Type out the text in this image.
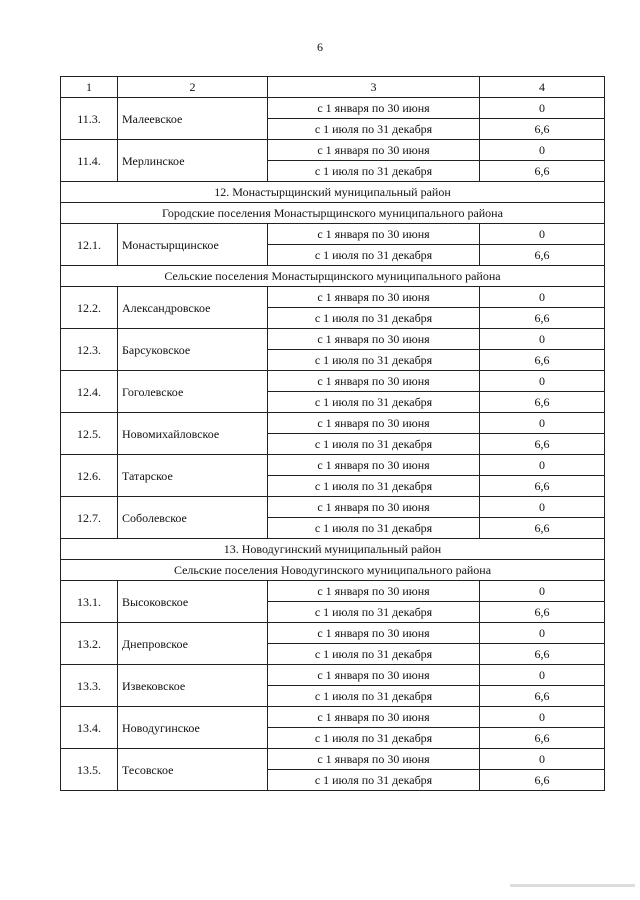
6
1	2	3	4
11.3.	Малеевское	с 1 января по 30 июня	0
		с 1 июля по 31 декабря	6,6
11.4.	Мерлинское	с 1 января по 30 июня	0
		с 1 июля по 31 декабря	6,6
12. Монастырщинский муниципальный район			
Городские поселения Монастырщинского муниципального района			
12.1.	Монастырщинское	с 1 января по 30 июня	0
		с 1 июля по 31 декабря	6,6
Сельские поселения Монастырщинского муниципального района			
12.2.	Александровское	с 1 января по 30 июня	0
		с 1 июля по 31 декабря	6,6
12.3.	Барсуковское	с 1 января по 30 июня	0
		с 1 июля по 31 декабря	6,6
12.4.	Гоголевское	с 1 января по 30 июня	0
		с 1 июля по 31 декабря	6,6
12.5.	Новомихайловское	с 1 января по 30 июня	0
		с 1 июля по 31 декабря	6,6
12.6.	Татарское	с 1 января по 30 июня	0
		с 1 июля по 31 декабря	6,6
12.7.	Соболевское	с 1 января по 30 июня	0
		с 1 июля по 31 декабря	6,6
13. Новодугинский муниципальный район			
Сельские поселения Новодугинского муниципального района			
13.1.	Высоковское	с 1 января по 30 июня	0
		с 1 июля по 31 декабря	6,6
13.2.	Днепровское	с 1 января по 30 июня	0
		с 1 июля по 31 декабря	6,6
13.3.	Извековское	с 1 января по 30 июня	0
		с 1 июля по 31 декабря	6,6
13.4.	Новодугинское	с 1 января по 30 июня	0
		с 1 июля по 31 декабря	6,6
13.5.	Тесовское	с 1 января по 30 июня	0
		с 1 июля по 31 декабря	6,6
